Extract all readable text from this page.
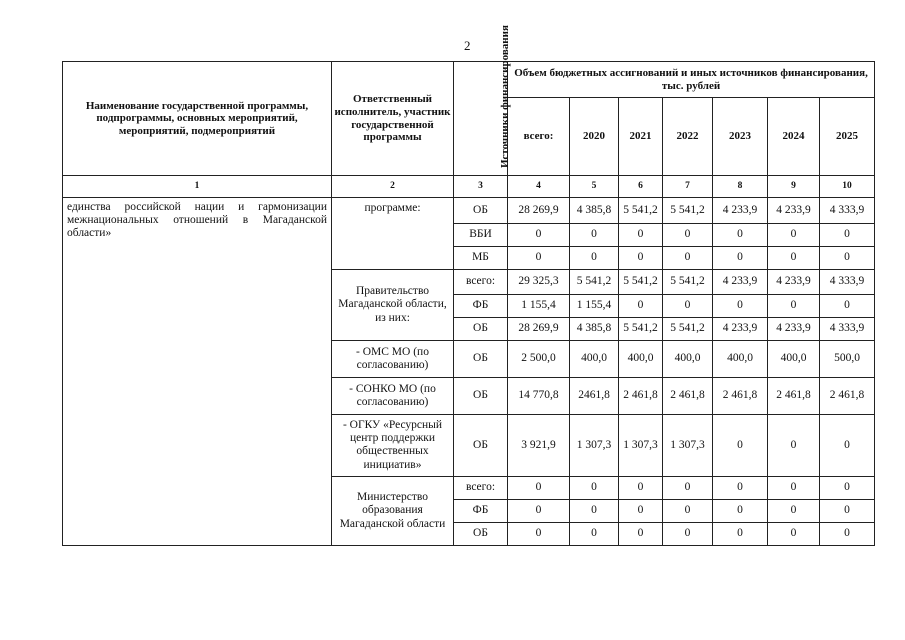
2
Наименование государственной программы, подпрограммы, основных мероприятий, мероприятий, подмероприятий	Ответственный исполнитель, участник государственной программы	Источники финансирования	Объем бюджетных ассигнований и иных источников финансирования, тыс. рублей						
			всего:	2020	2021	2022	2023	2024	2025
1	2	3	4	5	6	7	8	9	10
единства российской нации и гармонизации межнациональных отношений в Магаданской области»	программе:	ОБ	28 269,9	4 385,8	5 541,2	5 541,2	4 233,9	4 233,9	4 333,9
		ВБИ	0	0	0	0	0	0	0
		МБ	0	0	0	0	0	0	0
	Правительство Магаданской области, из них:	всего:	29 325,3	5 541,2	5 541,2	5 541,2	4 233,9	4 233,9	4 333,9
		ФБ	1 155,4	1 155,4	0	0	0	0	0
		ОБ	28 269,9	4 385,8	5 541,2	5 541,2	4 233,9	4 233,9	4 333,9
	- ОМС МО (по согласованию)	ОБ	2 500,0	400,0	400,0	400,0	400,0	400,0	500,0
	- СОНКО МО (по согласованию)	ОБ	14 770,8	2461,8	2 461,8	2 461,8	2 461,8	2 461,8	2 461,8
	- ОГКУ «Ресурсный центр поддержки общественных инициатив»	ОБ	3 921,9	1 307,3	1 307,3	1 307,3	0	0	0
	Министерство образования Магаданской области	всего:	0	0	0	0	0	0	0
		ФБ	0	0	0	0	0	0	0
		ОБ	0	0	0	0	0	0	0
